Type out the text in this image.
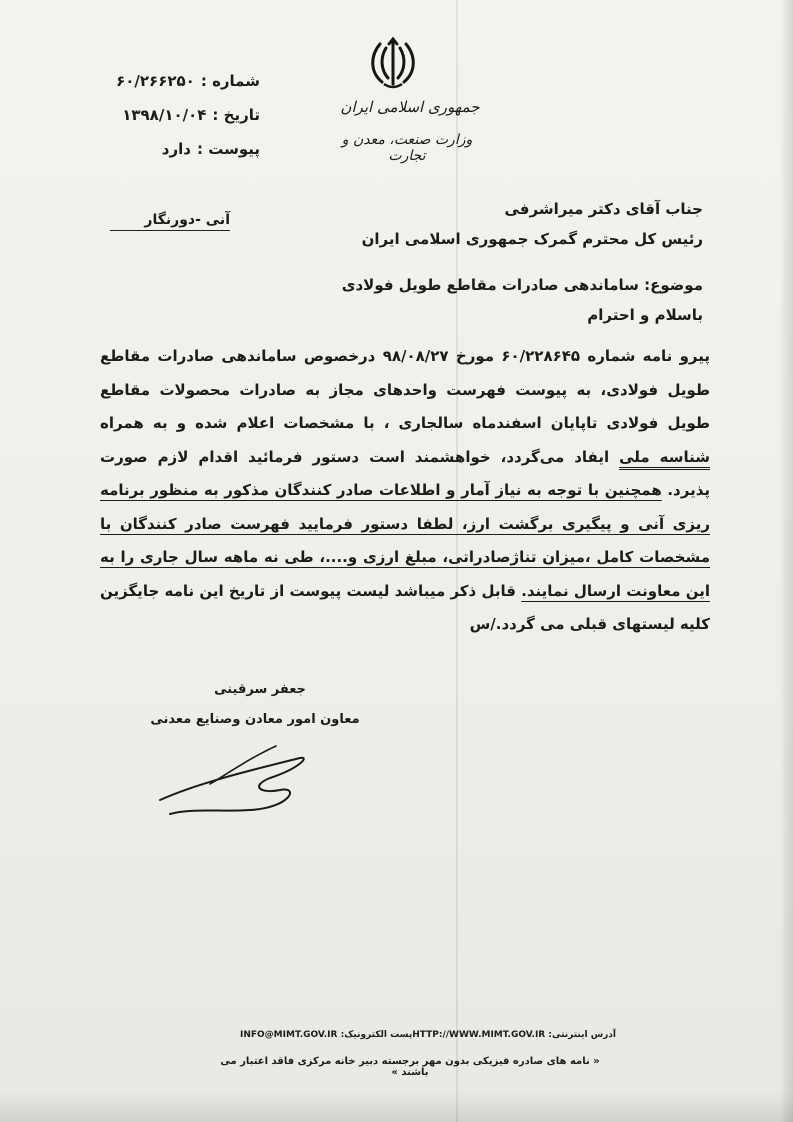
جمهوری اسلامی ایران
وزارت صنعت، معدن و تجارت
شماره :
۶۰/۲۶۶۲۵۰
تاریخ :
۱۳۹۸/۱۰/۰۴
پیوست :
دارد
آنی -دورنگار
جناب آقای دکتر میراشرفی
رئیس کل محترم گمرک جمهوری اسلامی ایران
موضوع: ساماندهی صادرات مقاطع طویل فولادی
باسلام و احترام
پیرو نامه شماره ۶۰/۲۲۸۶۴۵ مورخ ۹۸/۰۸/۲۷ درخصوص ساماندهی صادرات مقاطع طویل فولادی، به پیوست فهرست واحدهای مجاز به صادرات محصولات مقاطع طویل فولادی تاپایان اسفندماه سالجاری ، با مشخصات اعلام شده و به همراه شناسه ملی ایفاد می‌گردد، خواهشمند است دستور فرمائید اقدام لازم صورت پذیرد. همچنین با توجه به نیاز آمار و اطلاعات صادر کنندگان مذکور به منظور برنامه ریزی آنی و پیگیری برگشت ارز، لطفا دستور فرمایید فهرست صادر کنندگان با مشخصات کامل ،میزان تناژصادراتی، مبلغ ارزی و....، طی نه ماهه سال جاری را به این معاونت ارسال نمایند. قابل ذکر میباشد لیست پیوست از تاریخ این نامه جایگزین کلیه لیستهای قبلی می گردد./س
جعفر سرقینی
معاون امور معادن وصنایع معدنی
INFO@MIMT.GOV.IR :پست الکترونیک HTTP://WWW.MIMT.GOV.IR :آدرس اینترنتی
« نامه های صادره فیزیکی بدون مهر برجسته دبیر خانه مرکزی فاقد اعتبار می باشند »
